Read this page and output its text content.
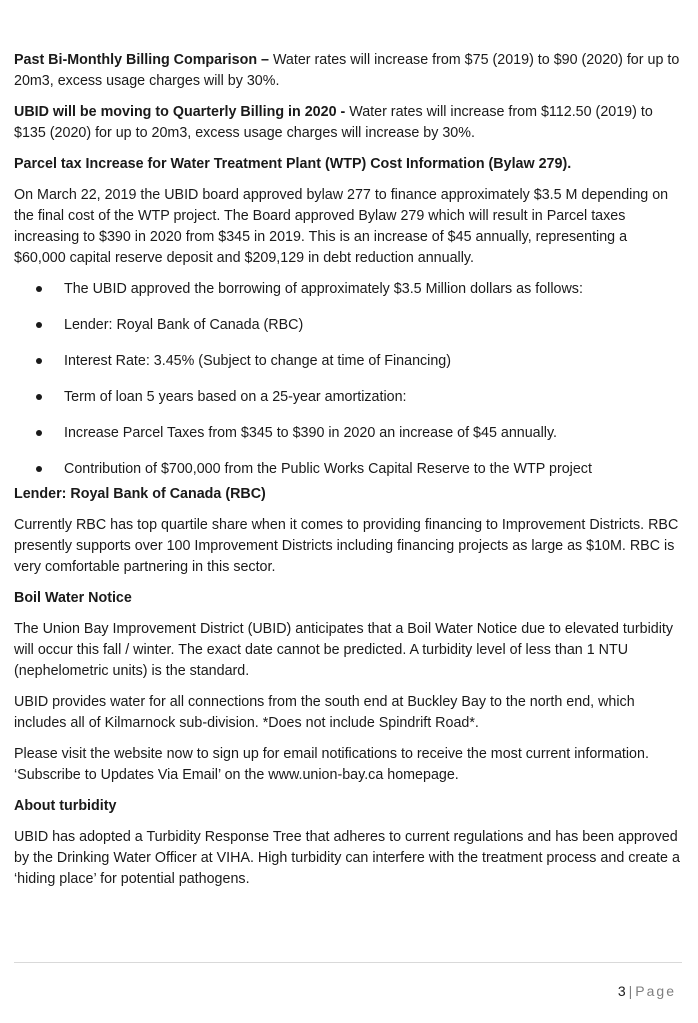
Past Bi-Monthly Billing Comparison – Water rates will increase from $75 (2019) to $90 (2020) for up to 20m3, excess usage charges will by 30%.

UBID will be moving to Quarterly Billing in 2020 - Water rates will increase from $112.50 (2019) to $135 (2020) for up to 20m3, excess usage charges will increase by 30%.

Parcel tax Increase for Water Treatment Plant (WTP) Cost Information (Bylaw 279).

On March 22, 2019 the UBID board approved bylaw 277 to finance approximately $3.5 M depending on the final cost of the WTP project. The Board approved Bylaw 279 which will result in Parcel taxes increasing to $390 in 2020 from $345 in 2019. This is an increase of $45 annually, representing a $60,000 capital reserve deposit and $209,129 in debt reduction annually.

The UBID approved the borrowing of approximately $3.5 Million dollars as follows:
Lender: Royal Bank of Canada (RBC)
Interest Rate: 3.45% (Subject to change at time of Financing)
Term of loan 5 years based on a 25-year amortization:
Increase Parcel Taxes from $345 to $390 in 2020 an increase of $45 annually.
Contribution of $700,000 from the Public Works Capital Reserve to the WTP project

Lender: Royal Bank of Canada (RBC)

Currently RBC has top quartile share when it comes to providing financing to Improvement Districts. RBC presently supports over 100 Improvement Districts including financing projects as large as $10M. RBC is very comfortable partnering in this sector.

Boil Water Notice

The Union Bay Improvement District (UBID) anticipates that a Boil Water Notice due to elevated turbidity will occur this fall / winter. The exact date cannot be predicted. A turbidity level of less than 1 NTU (nephelometric units) is the standard.

UBID provides water for all connections from the south end at Buckley Bay to the north end, which includes all of Kilmarnock sub-division. *Does not include Spindrift Road*.

Please visit the website now to sign up for email notifications to receive the most current information. ‘Subscribe to Updates Via Email’ on the www.union-bay.ca homepage.

About turbidity

UBID has adopted a Turbidity Response Tree that adheres to current regulations and has been approved by the Drinking Water Officer at VIHA. High turbidity can interfere with the treatment process and create a ‘hiding place’ for potential pathogens.

3 | Page
